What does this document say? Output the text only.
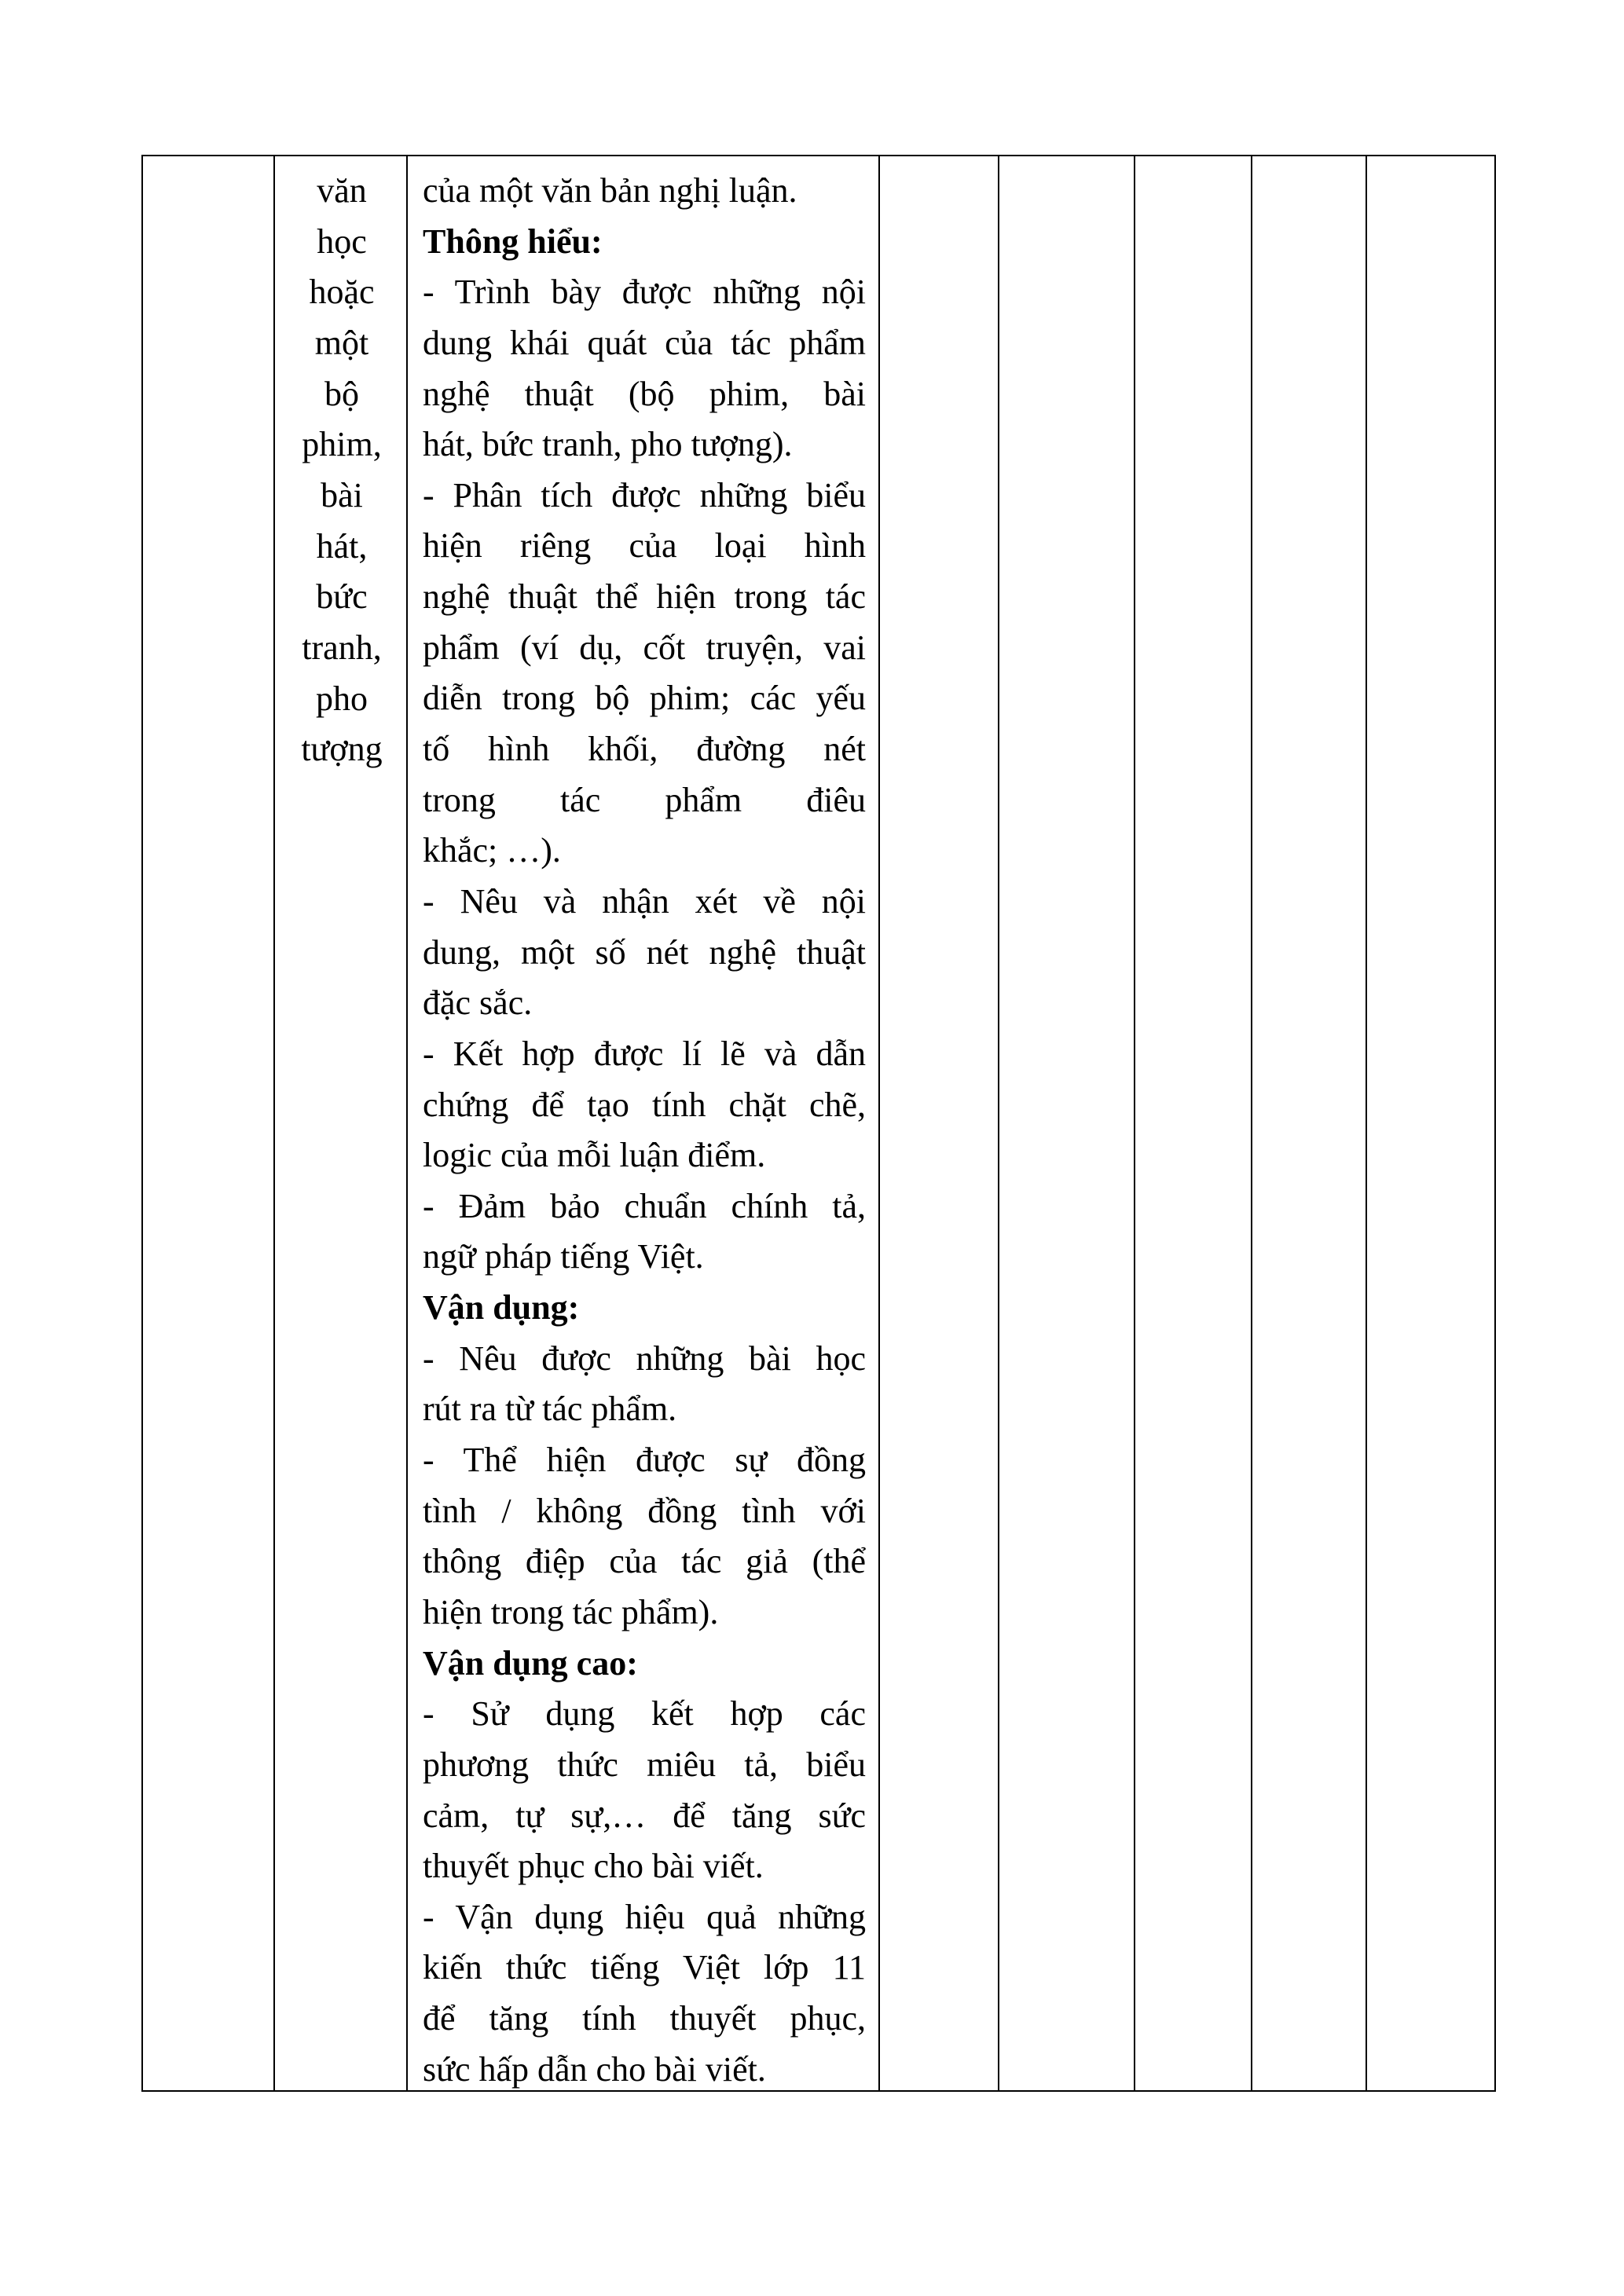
văn
học
hoặc
một
bộ
phim,
bài
hát,
bức
tranh,
pho
tượng
của một văn bản nghị luận.
Thông hiểu:
- Trình bày được những nội
dung khái quát của tác phẩm
nghệ thuật (bộ phim, bài
hát, bức tranh, pho tượng).
- Phân tích được những biểu
hiện riêng của loại hình
nghệ thuật thể hiện trong tác
phẩm (ví dụ, cốt truyện, vai
diễn trong bộ phim; các yếu
tố hình khối, đường nét
trong tác phẩm điêu
khắc; …).
- Nêu và nhận xét về nội
dung, một số nét nghệ thuật
đặc sắc.
- Kết hợp được lí lẽ và dẫn
chứng để tạo tính chặt chẽ,
logic của mỗi luận điểm.
- Đảm bảo chuẩn chính tả,
ngữ pháp tiếng Việt.
Vận dụng:
- Nêu được những bài học
rút ra từ tác phẩm.
- Thể hiện được sự đồng
tình / không đồng tình với
thông điệp của tác giả (thể
hiện trong tác phẩm).
Vận dụng cao:
- Sử dụng kết hợp các
phương thức miêu tả, biểu
cảm, tự sự,… để tăng sức
thuyết phục cho bài viết.
- Vận dụng hiệu quả những
kiến thức tiếng Việt lớp 11
để tăng tính thuyết phục,
sức hấp dẫn cho bài viết.
